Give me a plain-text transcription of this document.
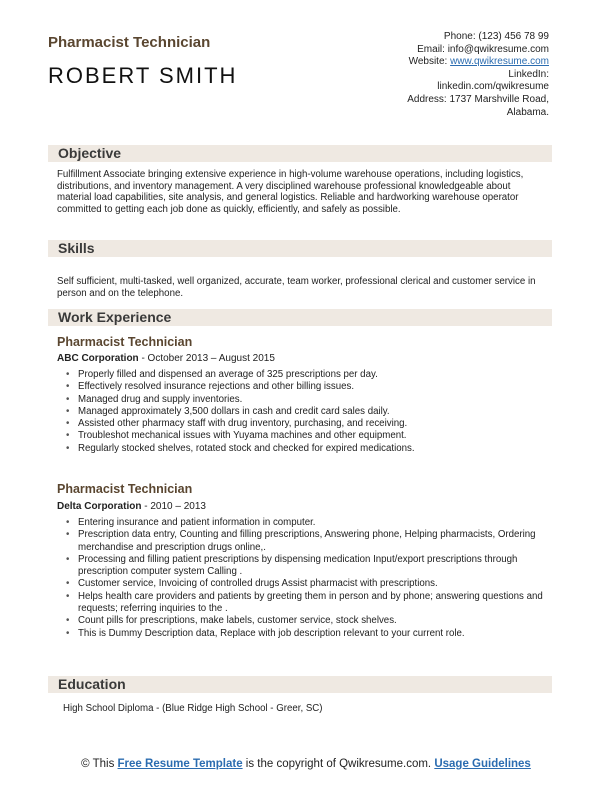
Pharmacist Technician
ROBERT SMITH
Phone: (123) 456 78 99
Email: info@qwikresume.com
Website: www.qwikresume.com
LinkedIn:
linkedin.com/qwikresume
Address: 1737 Marshville Road,
Alabama.
Objective
Fulfillment Associate bringing extensive experience in high-volume warehouse operations, including logistics, distributions, and inventory management. A very disciplined warehouse professional knowledgeable about material load capabilities, site analysis, and general logistics. Reliable and hardworking warehouse operator committed to getting each job done as quickly, efficiently, and safely as possible.
Skills
Self sufficient, multi-tasked, well organized, accurate, team worker, professional clerical and customer service in person and on the telephone.
Work Experience
Pharmacist Technician
ABC Corporation - October 2013 – August 2015
• Properly filled and dispensed an average of 325 prescriptions per day.
• Effectively resolved insurance rejections and other billing issues.
• Managed drug and supply inventories.
• Managed approximately 3,500 dollars in cash and credit card sales daily.
• Assisted other pharmacy staff with drug inventory, purchasing, and receiving.
• Troubleshot mechanical issues with Yuyama machines and other equipment.
• Regularly stocked shelves, rotated stock and checked for expired medications.
Pharmacist Technician
Delta Corporation - 2010 – 2013
• Entering insurance and patient information in computer.
• Prescription data entry, Counting and filling prescriptions, Answering phone, Helping pharmacists, Ordering merchandise and prescription drugs online,.
• Processing and filling patient prescriptions by dispensing medication Input/export prescriptions through prescription computer system Calling .
• Customer service, Invoicing of controlled drugs Assist pharmacist with prescriptions.
• Helps health care providers and patients by greeting them in person and by phone; answering questions and requests; referring inquiries to the .
• Count pills for prescriptions, make labels, customer service, stock shelves.
• This is Dummy Description data, Replace with job description relevant to your current role.
Education
High School Diploma - (Blue Ridge High School - Greer, SC)
© This Free Resume Template is the copyright of Qwikresume.com. Usage Guidelines
